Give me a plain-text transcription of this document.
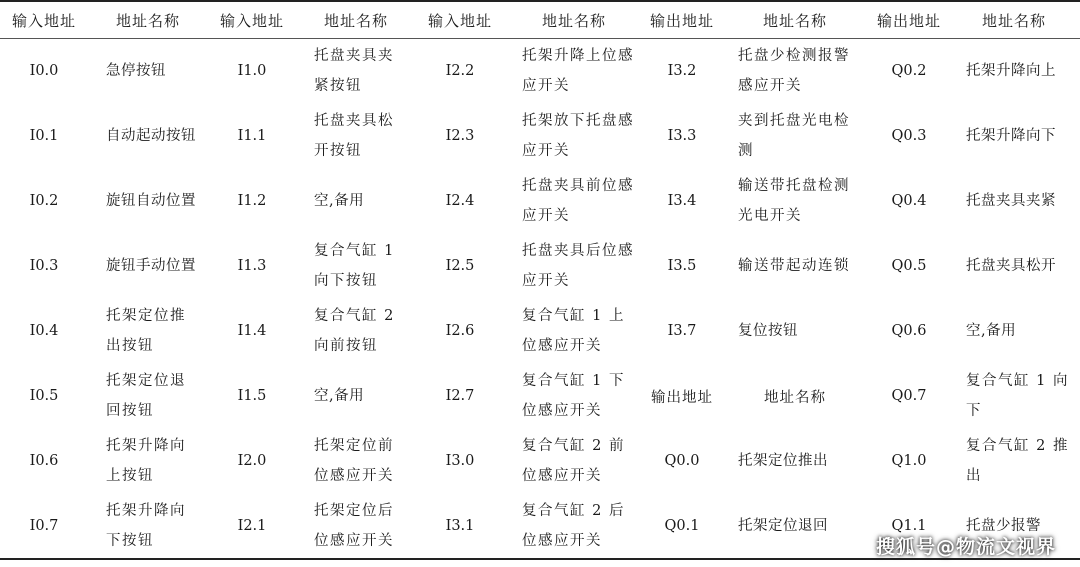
输入地址	地址名称	输入地址	地址名称	输入地址	地址名称	输出地址	地址名称	输出地址	地址名称
I0.0	急停按钮	I1.0	托盘夹具夹紧按钮	I2.2	托架升降上位感应开关	I3.2	托盘少检测报警感应开关	Q0.2	托架升降向上
I0.1	自动起动按钮	I1.1	托盘夹具松开按钮	I2.3	托架放下托盘感应开关	I3.3	夹到托盘光电检测	Q0.3	托架升降向下
I0.2	旋钮自动位置	I1.2	空,备用	I2.4	托盘夹具前位感应开关	I3.4	输送带托盘检测光电开关	Q0.4	托盘夹具夹紧
I0.3	旋钮手动位置	I1.3	复合气缸 1 向下按钮	I2.5	托盘夹具后位感应开关	I3.5	输送带起动连锁	Q0.5	托盘夹具松开
I0.4	托架定位推出按钮	I1.4	复合气缸 2 向前按钮	I2.6	复合气缸 1 上位感应开关	I3.7	复位按钮	Q0.6	空,备用
I0.5	托架定位退回按钮	I1.5	空,备用	I2.7	复合气缸 1 下位感应开关	输出地址	地址名称	Q0.7	复合气缸 1 向下
I0.6	托架升降向上按钮	I2.0	托架定位前位感应开关	I3.0	复合气缸 2 前位感应开关	Q0.0	托架定位推出	Q1.0	复合气缸 2 推出
I0.7	托架升降向下按钮	I2.1	托架定位后位感应开关	I3.1	复合气缸 2 后位感应开关	Q0.1	托架定位退回	Q1.1	托盘少报警
搜狐号@物流文视界
